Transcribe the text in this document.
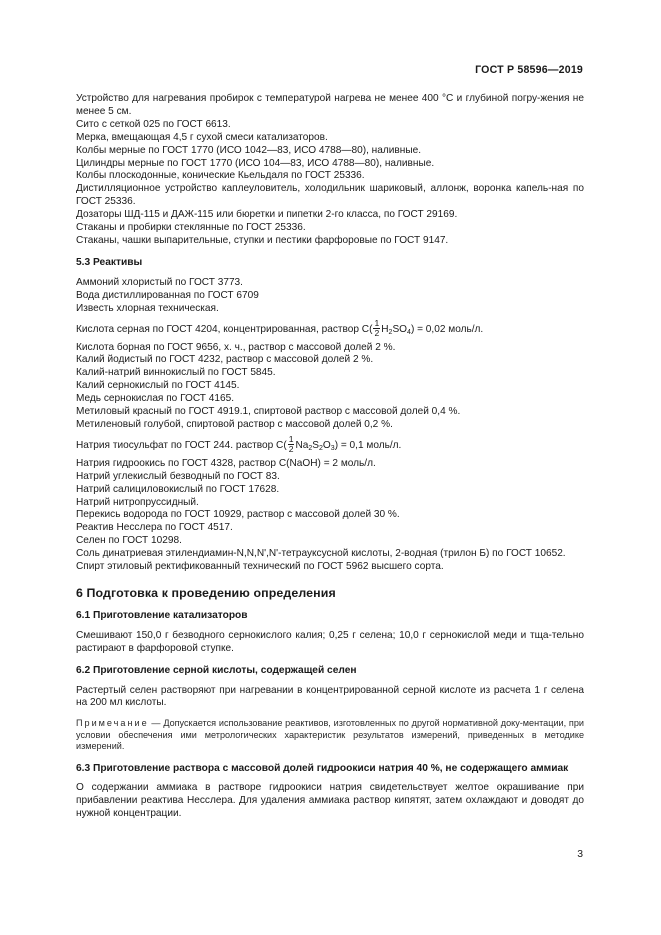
ГОСТ Р 58596—2019

Устройство для нагревания пробирок с температурой нагрева не менее 400 °С и глубиной погру-жения не менее 5 см.

Сито с сеткой 025 по ГОСТ 6613.

Мерка, вмещающая 4,5 г сухой смеси катализаторов.

Колбы мерные по ГОСТ 1770 (ИСО 1042—83, ИСО 4788—80), наливные.

Цилиндры мерные по ГОСТ 1770 (ИСО 104—83, ИСО 4788—80), наливные.

Колбы плоскодонные, конические Кьельдаля по ГОСТ 25336.

Дистилляционное устройство каплеуловитель, холодильник шариковый, аллонж, воронка капель-ная по ГОСТ 25336.

Дозаторы ШД-115 и ДАЖ-115 или бюретки и пипетки 2-го класса, по ГОСТ 29169.

Стаканы и пробирки стеклянные по ГОСТ 25336.

Стаканы, чашки выпарительные, ступки и пестики фарфоровые по ГОСТ 9147.

5.3 Реактивы

Аммоний хлористый по ГОСТ 3773.

Вода дистиллированная по ГОСТ 6709

Известь хлорная техническая.

Кислота серная по ГОСТ 4204, концентрированная, раствор $C( \frac{1}{2} H_2SO_4) = 0,02$ моль/л.

Кислота борная по ГОСТ 9656, х. ч., раствор с массовой долей 2 %.

Калий йодистый по ГОСТ 4232, раствор с массовой долей 2 %.

Калий-натрий виннокислый по ГОСТ 5845.

Калий сернокислый по ГОСТ 4145.

Медь сернокислая по ГОСТ 4165.

Метиловый красный по ГОСТ 4919.1, спиртовой раствор с массовой долей 0,4 %.

Метиленовый голубой, спиртовой раствор с массовой долей 0,2 %.

Натрия тиосульфат по ГОСТ 244. раствор $C( \frac{1}{2} Na_2S_2O_3) = 0,1$ моль/л.

Натрия гидроокись по ГОСТ 4328, раствор C(NaOH) = 2 моль/л.

Натрий углекислый безводный по ГОСТ 83.

Натрий салициловокислый по ГОСТ 17628.

Натрий нитропруссидный.

Перекись водорода по ГОСТ 10929, раствор с массовой долей 30 %.

Реактив Несслера по ГОСТ 4517.

Селен по ГОСТ 10298.

Соль динатриевая этилендиамин-N,N,N',N'-тетрауксусной кислоты, 2-водная (трилон Б) по ГОСТ 10652.

Спирт этиловый ректификованный технический по ГОСТ 5962 высшего сорта.

6 Подготовка к проведению определения

6.1 Приготовление катализаторов

Смешивают 150,0 г безводного сернокислого калия; 0,25 г селена; 10,0 г сернокислой меди и тща-тельно растирают в фарфоровой ступке.

6.2 Приготовление серной кислоты, содержащей селен

Растертый селен растворяют при нагревании в концентрированной серной кислоте из расчета 1 г селена на 200 мл кислоты.

Примечание — Допускается использование реактивов, изготовленных по другой нормативной доку-ментации, при условии обеспечения ими метрологических характеристик результатов измерений, приведенных в методике измерений.

6.3 Приготовление раствора с массовой долей гидроокиси натрия 40 %, не содержащего аммиак

О содержании аммиака в растворе гидроокиси натрия свидетельствует желтое окрашивание при прибавлении реактива Несслера. Для удаления аммиака раствор кипятят, затем охлаждают и доводят до нужной концентрации.

3
